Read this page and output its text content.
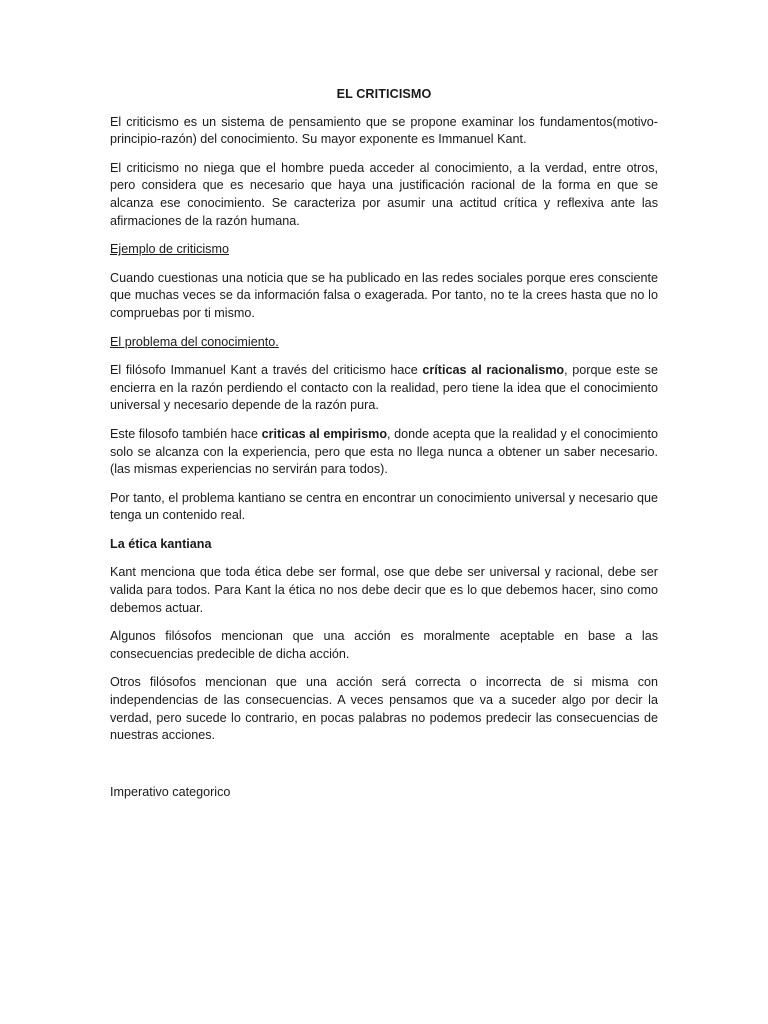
EL CRITICISMO

El criticismo es un sistema de pensamiento que se propone examinar los fundamentos(motivo-principio-razón) del conocimiento. Su mayor exponente es Immanuel Kant.

El criticismo no niega que el hombre pueda acceder al conocimiento, a la verdad, entre otros, pero considera que es necesario que haya una justificación racional de la forma en que se alcanza ese conocimiento. Se caracteriza por asumir una actitud crítica y reflexiva ante las afirmaciones de la razón humana.

Ejemplo de criticismo

Cuando cuestionas una noticia que se ha publicado en las redes sociales porque eres consciente que muchas veces se da información falsa o exagerada. Por tanto, no te la crees hasta que no lo compruebas por ti mismo.

El problema del conocimiento.

El filósofo Immanuel Kant a través del criticismo hace críticas al racionalismo, porque este se encierra en la razón perdiendo el contacto con la realidad, pero tiene la idea que el conocimiento universal y necesario depende de la razón pura.

Este filosofo también hace criticas al empirismo, donde acepta que la realidad y el conocimiento solo se alcanza con la experiencia, pero que esta no llega nunca a obtener un saber necesario. (las mismas experiencias no servirán para todos).

Por tanto, el problema kantiano se centra en encontrar un conocimiento universal y necesario que tenga un contenido real.

La ética kantiana

Kant menciona que toda ética debe ser formal, ose que debe ser universal y racional, debe ser valida para todos. Para Kant la ética no nos debe decir que es lo que debemos hacer, sino como debemos actuar.

Algunos filósofos mencionan que una acción es moralmente aceptable en base a las consecuencias predecible de dicha acción.

Otros filósofos mencionan que una acción será correcta o incorrecta de si misma con independencias de las consecuencias. A veces pensamos que va a suceder algo por decir la verdad, pero sucede lo contrario, en pocas palabras no podemos predecir las consecuencias de nuestras acciones.

Imperativo categorico
